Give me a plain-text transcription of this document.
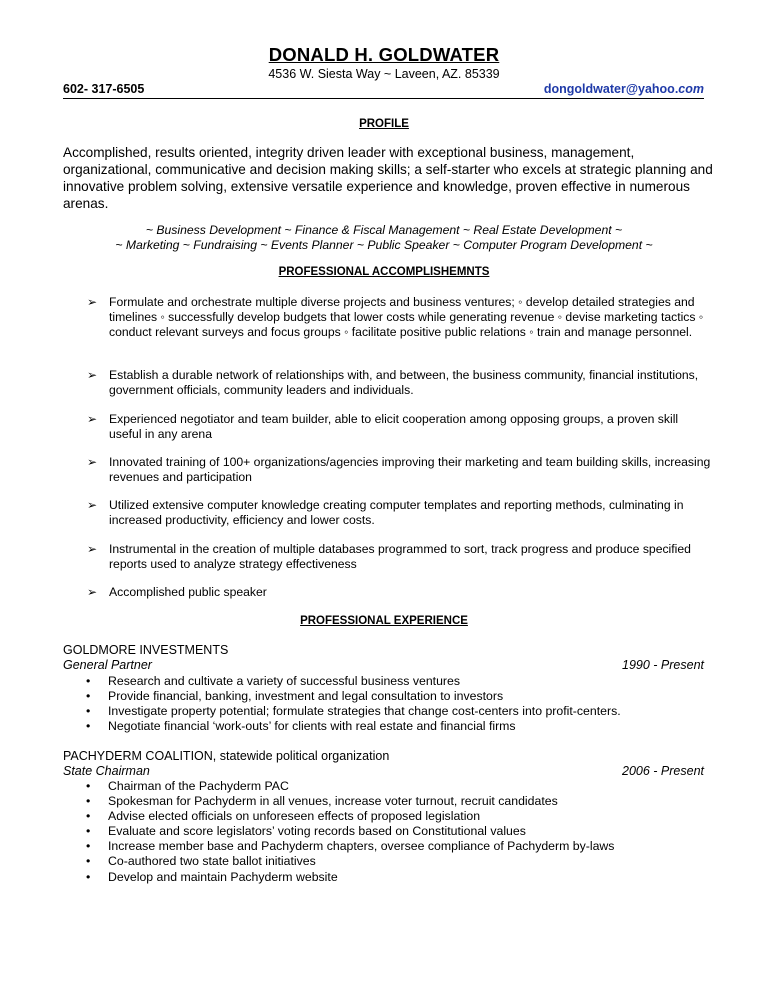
DONALD H. GOLDWATER
4536 W. Siesta Way ~ Laveen, AZ. 85339
602- 317-6505	dongoldwater@yahoo.com
PROFILE
Accomplished, results oriented, integrity driven leader with exceptional business, management, organizational, communicative and decision making skills; a self-starter who excels at strategic planning and innovative problem solving, extensive versatile experience and knowledge, proven effective in numerous arenas.
~ Business Development ~ Finance & Fiscal Management ~ Real Estate Development ~
~ Marketing ~ Fundraising ~ Events Planner ~ Public Speaker ~ Computer Program Development ~
PROFESSIONAL ACCOMPLISHEMNTS
➢ Formulate and orchestrate multiple diverse projects and business ventures; ◦ develop detailed strategies and timelines ◦ successfully develop budgets that lower costs while generating revenue ◦ devise marketing tactics ◦ conduct relevant surveys and focus groups ◦ facilitate positive public relations ◦ train and manage personnel.
➢ Establish a durable network of relationships with, and between, the business community, financial institutions, government officials, community leaders and individuals.
➢ Experienced negotiator and team builder, able to elicit cooperation among opposing groups, a proven skill useful in any arena
➢ Innovated training of 100+ organizations/agencies improving their marketing and team building skills, increasing revenues and participation
➢ Utilized extensive computer knowledge creating computer templates and reporting methods, culminating in increased productivity, efficiency and lower costs.
➢ Instrumental in the creation of multiple databases programmed to sort, track progress and produce specified reports used to analyze strategy effectiveness
➢ Accomplished public speaker
PROFESSIONAL EXPERIENCE
GOLDMORE INVESTMENTS
General Partner	1990 - Present
• Research and cultivate a variety of successful business ventures
• Provide financial, banking, investment and legal consultation to investors
• Investigate property potential; formulate strategies that change cost-centers into profit-centers.
• Negotiate financial ‘work-outs’ for clients with real estate and financial firms
PACHYDERM COALITION, statewide political organization
State Chairman	2006 - Present
• Chairman of the Pachyderm PAC
• Spokesman for Pachyderm in all venues, increase voter turnout, recruit candidates
• Advise elected officials on unforeseen effects of proposed legislation
• Evaluate and score legislators’ voting records based on Constitutional values
• Increase member base and Pachyderm chapters, oversee compliance of Pachyderm by-laws
• Co-authored two state ballot initiatives
• Develop and maintain Pachyderm website
